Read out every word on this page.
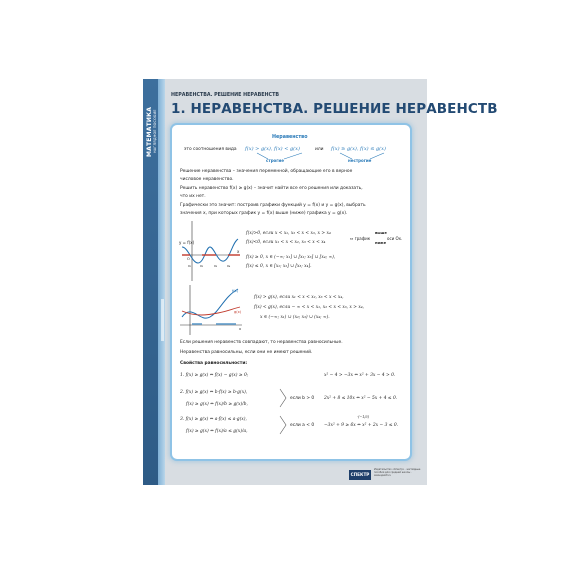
МАТЕМАТИКА НАГЛЯДНОЕ ПОСОБИЕ
НЕРАВЕНСТВА. РЕШЕНИЕ НЕРАВЕНСТВ
1. НЕРАВЕНСТВА. РЕШЕНИЕ НЕРАВЕНСТВ
Неравенство
это соотношения вида f(x) > g(x), f(x) < g(x)	или f(x) ≥ g(x), f(x) ≤ g(x)
строгие	нестрогие
Решение неравенства – значения переменной, обращающие его в верное
числовое неравенство.
Решить неравенство f(x) ≥ g(x) – значит найти все его решения или доказать,
что их нет.
Графически это значит: построив графики функций y = f(x) и y = g(x), выбрать
значения x, при которых график y = f(x) выше (ниже) графика y = g(x).
y = f(x)
x
O
x₁	x₂	x₃	x₄
f(x)>0, если x < x₁, x₂ < x < x₃, x > x₄
f(x)<0, если x₁ < x < x₂, x₃ < x < x₄
⇔ график
выше
ниже
оси Ox.
f(x) ≥ 0, x ∈ (−∞; x₁] ∪ [x₂; x₃] ∪ [x₄; ∞),
f(x) ≤ 0, x ∈ [x₁; x₂] ∪ [x₃; x₄].
f(x)
g(x)
x
f(x) > g(x), если x₁ < x < x₂, x₃ < x < x₄,
f(x) < g(x), если − ∞ < x < x₁, x₂ < x < x₃, x > x₄,
x ∈ (−∞; x₁) ∪ (x₂; x₃) ∪ (x₄; ∞).
Если решения неравенств совпадают, то неравенства равносильные.
Неравенства равносильны, если они не имеют решений.
Свойства равносильности:
1. f(x) ≥ g(x) ⇔ f(x) − g(x) ≥ 0;	x² − 4 > −3x ⇔ x² + 3x − 4 > 0.
2. f(x) ≥ g(x) ⇔ b·f(x) ≥ b·g(x),
f(x) ≥ g(x) ⇔ f(x)/b ≥ g(x)/b,
если b > 0 2x² + 8 ≤ 10x ⇔ x² − 5x + 4 ≤ 0.
3. f(x) ≥ g(x) ⇔ a·f(x) ≤ a·g(x),
f(x) ≥ g(x) ⇔ f(x)/a ≤ g(x)/a,
если a < 0
·(−1/3)
−3x² + 9 ≥ 6x ⇔ x² + 2x − 3 ≤ 0.
СПЕКТР
Издательство «Спектр» · наглядные пособия для средней школы · www.spektr.ru
